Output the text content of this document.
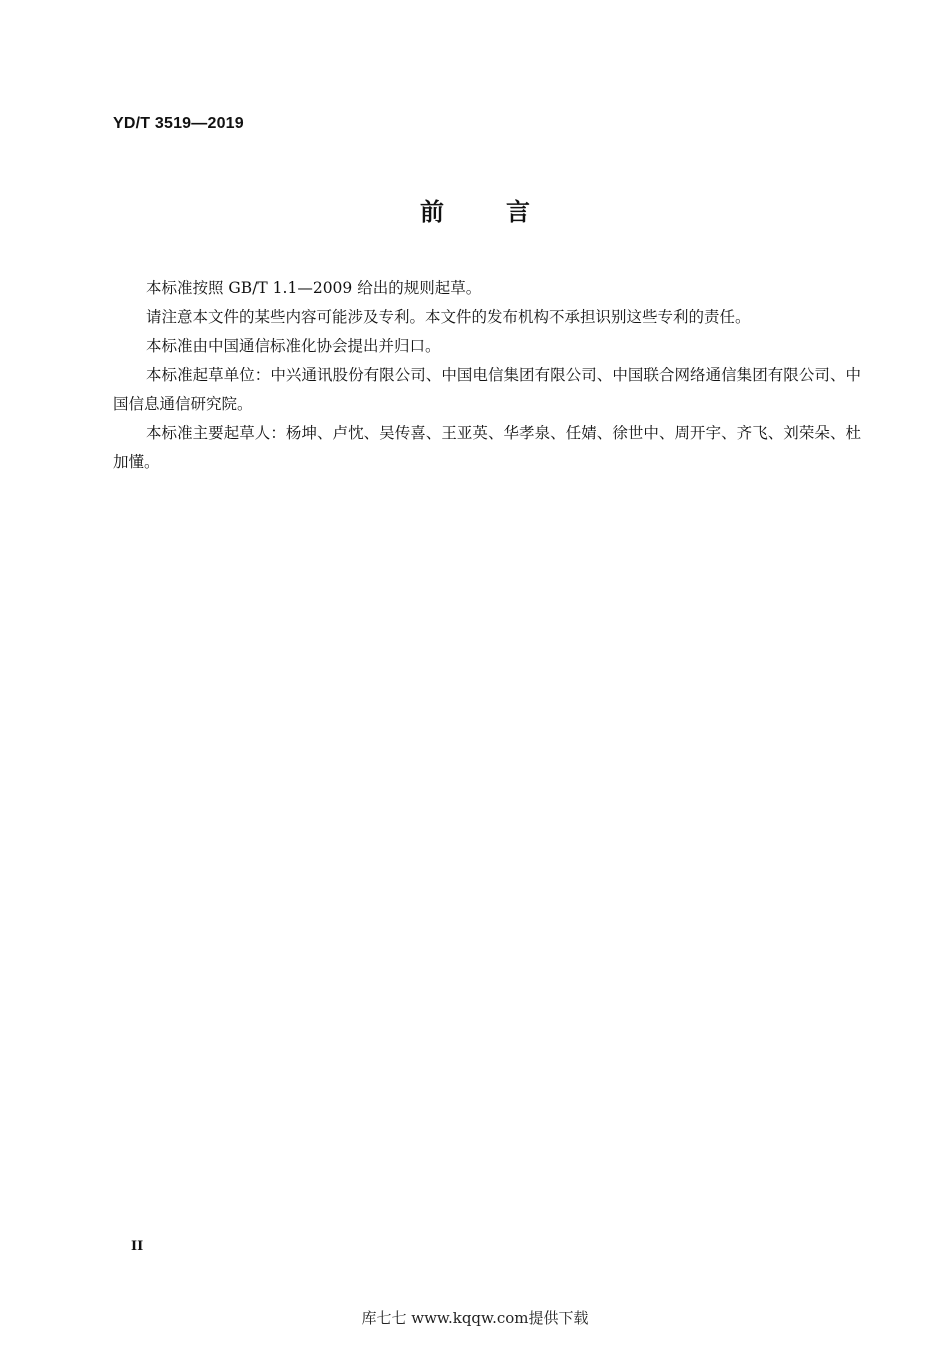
YD/T 3519—2019
前	言

本标准按照 GB/T 1.1—2009 给出的规则起草。

请注意本文件的某些内容可能涉及专利。本文件的发布机构不承担识别这些专利的责任。

本标准由中国通信标准化协会提出并归口。

本标准起草单位：中兴通讯股份有限公司、中国电信集团有限公司、中国联合网络通信集团有限公司、中国信息通信研究院。

本标准主要起草人：杨坤、卢忱、吴传喜、王亚英、华孝泉、任婧、徐世中、周开宇、齐飞、刘荣朵、杜加懂。

II
库七七 www.kqqw.com提供下载
